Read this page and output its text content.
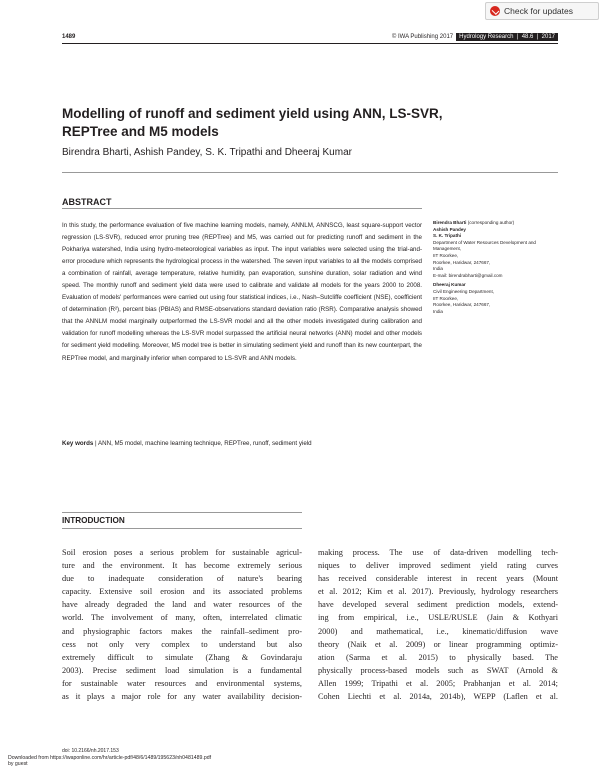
Check for updates
1489	© IWA Publishing 2017	Hydrology Research  |  48.6  |  2017
Modelling of runoff and sediment yield using ANN, LS-SVR, REPTree and M5 models
Birendra Bharti, Ashish Pandey, S. K. Tripathi and Dheeraj Kumar
ABSTRACT
In this study, the performance evaluation of five machine learning models, namely, ANNLM, ANNSCG, least square-support vector regression (LS-SVR), reduced error pruning tree (REPTree) and M5, was carried out for predicting runoff and sediment in the Pokhariya watershed, India using hydro-meteorological variables as input. The input variables were selected using the trial-and-error procedure which represents the hydrological process in the watershed. The seven input variables to all the models comprised a combination of rainfall, average temperature, relative humidity, pan evaporation, sunshine duration, solar radiation and wind speed. The monthly runoff and sediment yield data were used to calibrate and validate all models for the years 2000 to 2008. Evaluation of models' performances were carried out using four statistical indices, i.e., Nash–Sutcliffe coefficient (NSE), coefficient of determination (R²), percent bias (PBIAS) and RMSE-observations standard deviation ratio (RSR). Comparative analysis showed that the ANNLM model marginally outperformed the LS-SVR model and all the other models investigated during calibration and validation for runoff modelling whereas the LS-SVR model surpassed the artificial neural networks (ANN) model and other models for sediment yield modelling. Moreover, M5 model tree is better in simulating sediment yield and runoff than its new counterpart, the REPTree model, and marginally inferior when compared to LS-SVR and ANN models.
Key words | ANN, M5 model, machine learning technique, REPTree, runoff, sediment yield
Birendra Bharti (corresponding author)
Ashish Pandey
S. K. Tripathi
Department of Water Resources Development and
Management,
IIT Roorkee,
Roorkee, Haridwar, 247667,
India
E-mail: birendrabharti@gmail.com
Dheeraj Kumar
Civil Engineering Department,
IIT Roorkee,
Roorkee, Haridwar, 247667,
India
INTRODUCTION
Soil erosion poses a serious problem for sustainable agricul-
ture and the environment. It has become extremely serious
due to inadequate consideration of nature's bearing
capacity. Extensive soil erosion and its associated problems
have already degraded the land and water resources of the
world. The involvement of many, often, interrelated climatic
and physiographic factors makes the rainfall–sediment pro-
cess not only very complex to understand but also
extremely difficult to simulate (Zhang & Govindaraju
2003). Precise sediment load simulation is a fundamental
for sustainable water resources and environmental systems,
as it plays a major role for any water availability decision-
making process. The use of data-driven modelling tech-
niques to deliver improved sediment yield rating curves
has received considerable interest in recent years (Mount
et al. 2012; Kim et al. 2017). Previously, hydrology researchers
have developed several sediment prediction models, extend-
ing from empirical, i.e., USLE/RUSLE (Jain & Kothyari
2000) and mathematical, i.e., kinematic/diffusion wave
theory (Naik et al. 2009) or linear programming optimiz-
ation (Sarma et al. 2015) to physically based. The
physically process-based models such as SWAT (Arnold &
Allen 1999; Tripathi et al. 2005; Prabhanjan et al. 2014;
Cohen Liechti et al. 2014a, 2014b), WEPP (Laflen et al.
doi: 10.2166/nh.2017.153
Downloaded from https://iwaponline.com/hr/article-pdf/48/6/1489/195623/nh0481489.pdf
by guest
